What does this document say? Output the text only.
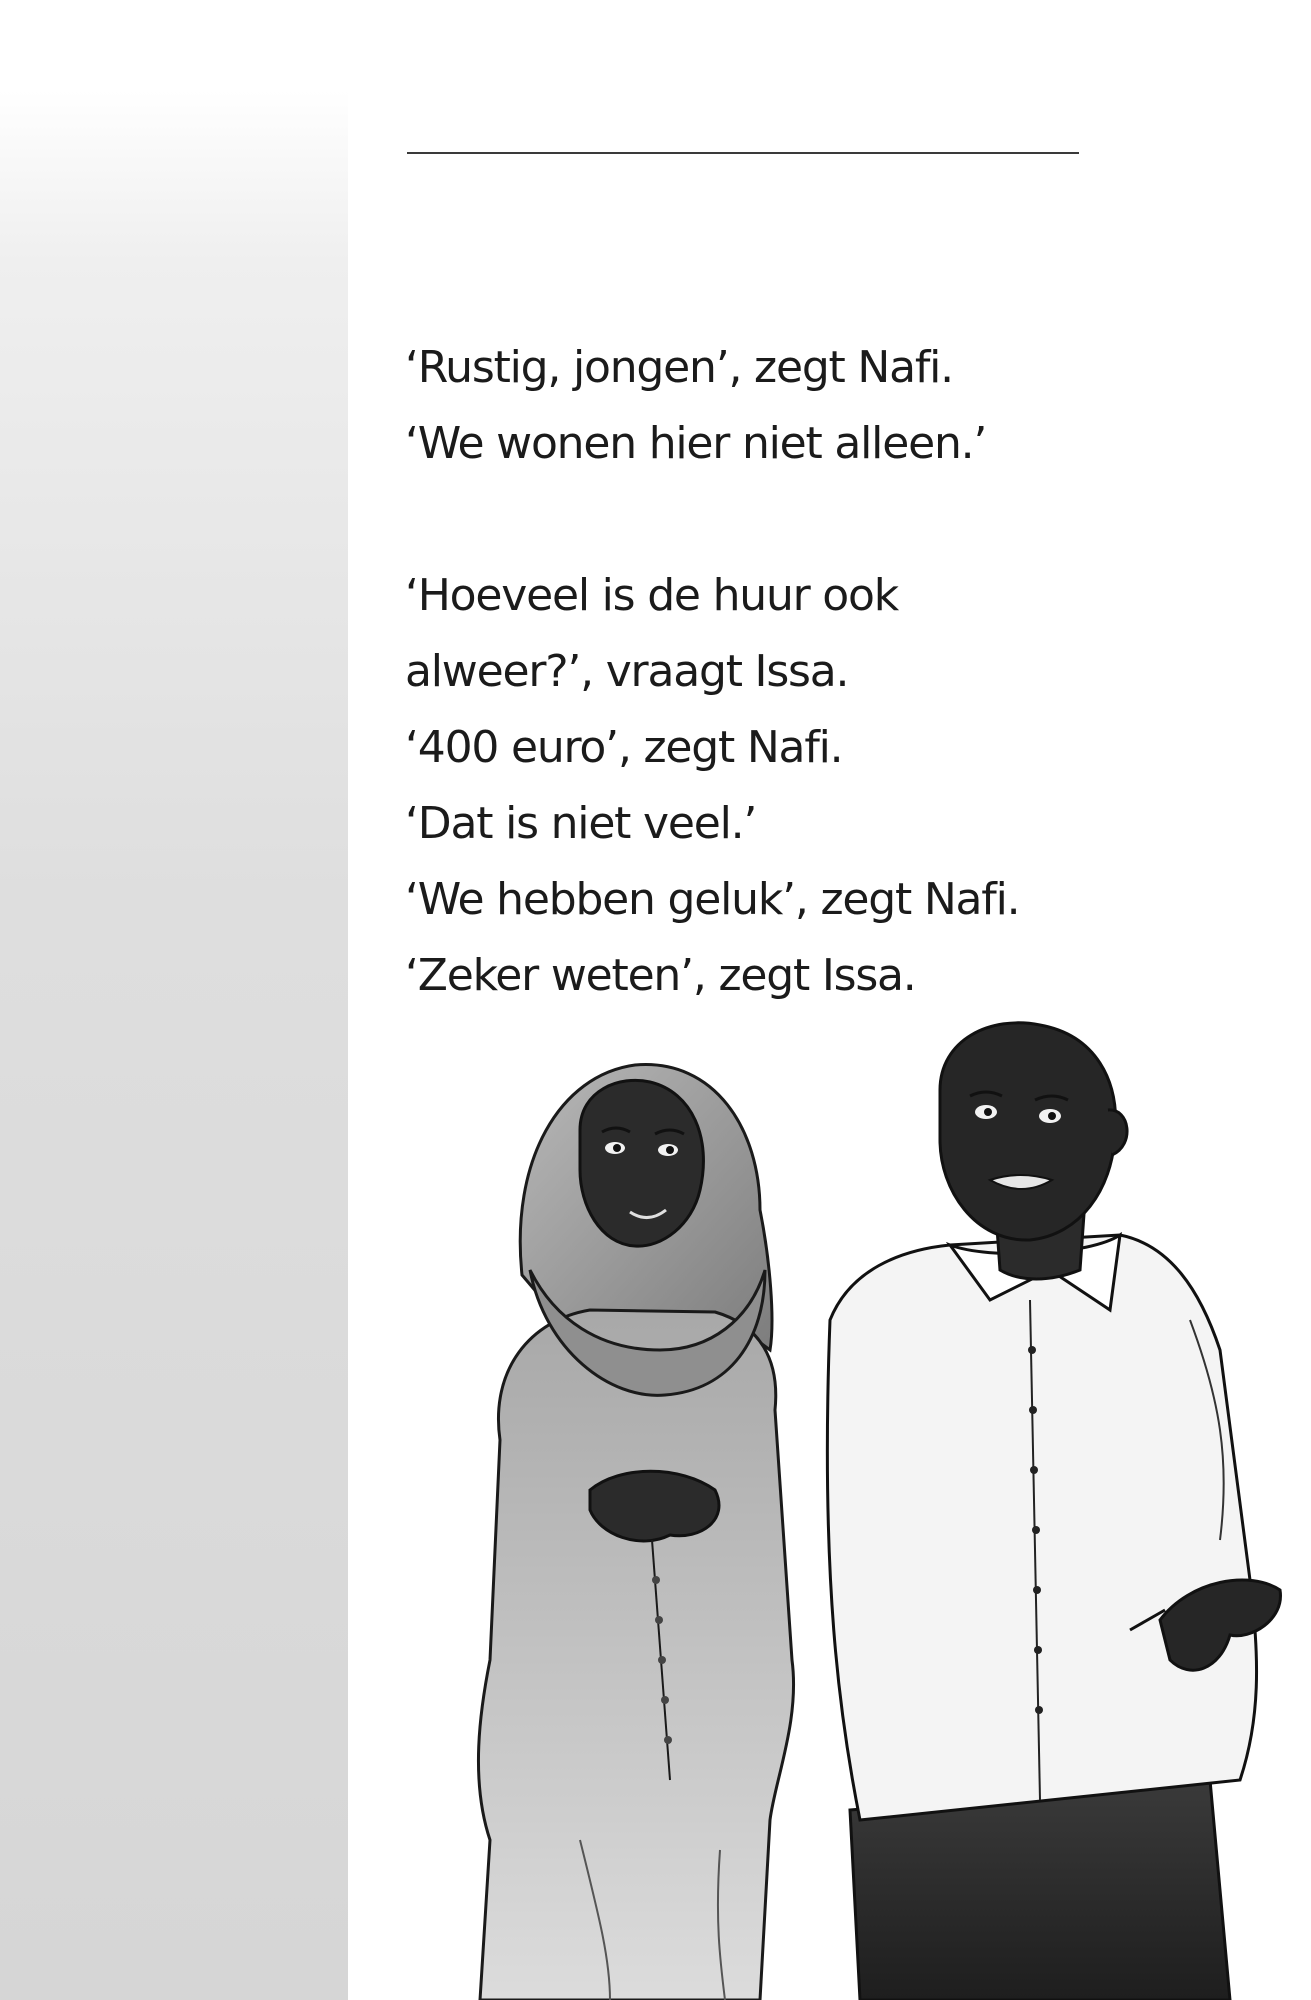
‘Rustig, jongen’, zegt Nafi.
‘We wonen hier niet alleen.’
‘Hoeveel is de huur ook
alweer?’, vraagt Issa.
‘400 euro’, zegt Nafi.
‘Dat is niet veel.’
‘We hebben geluk’, zegt Nafi.
‘Zeker weten’, zegt Issa.
